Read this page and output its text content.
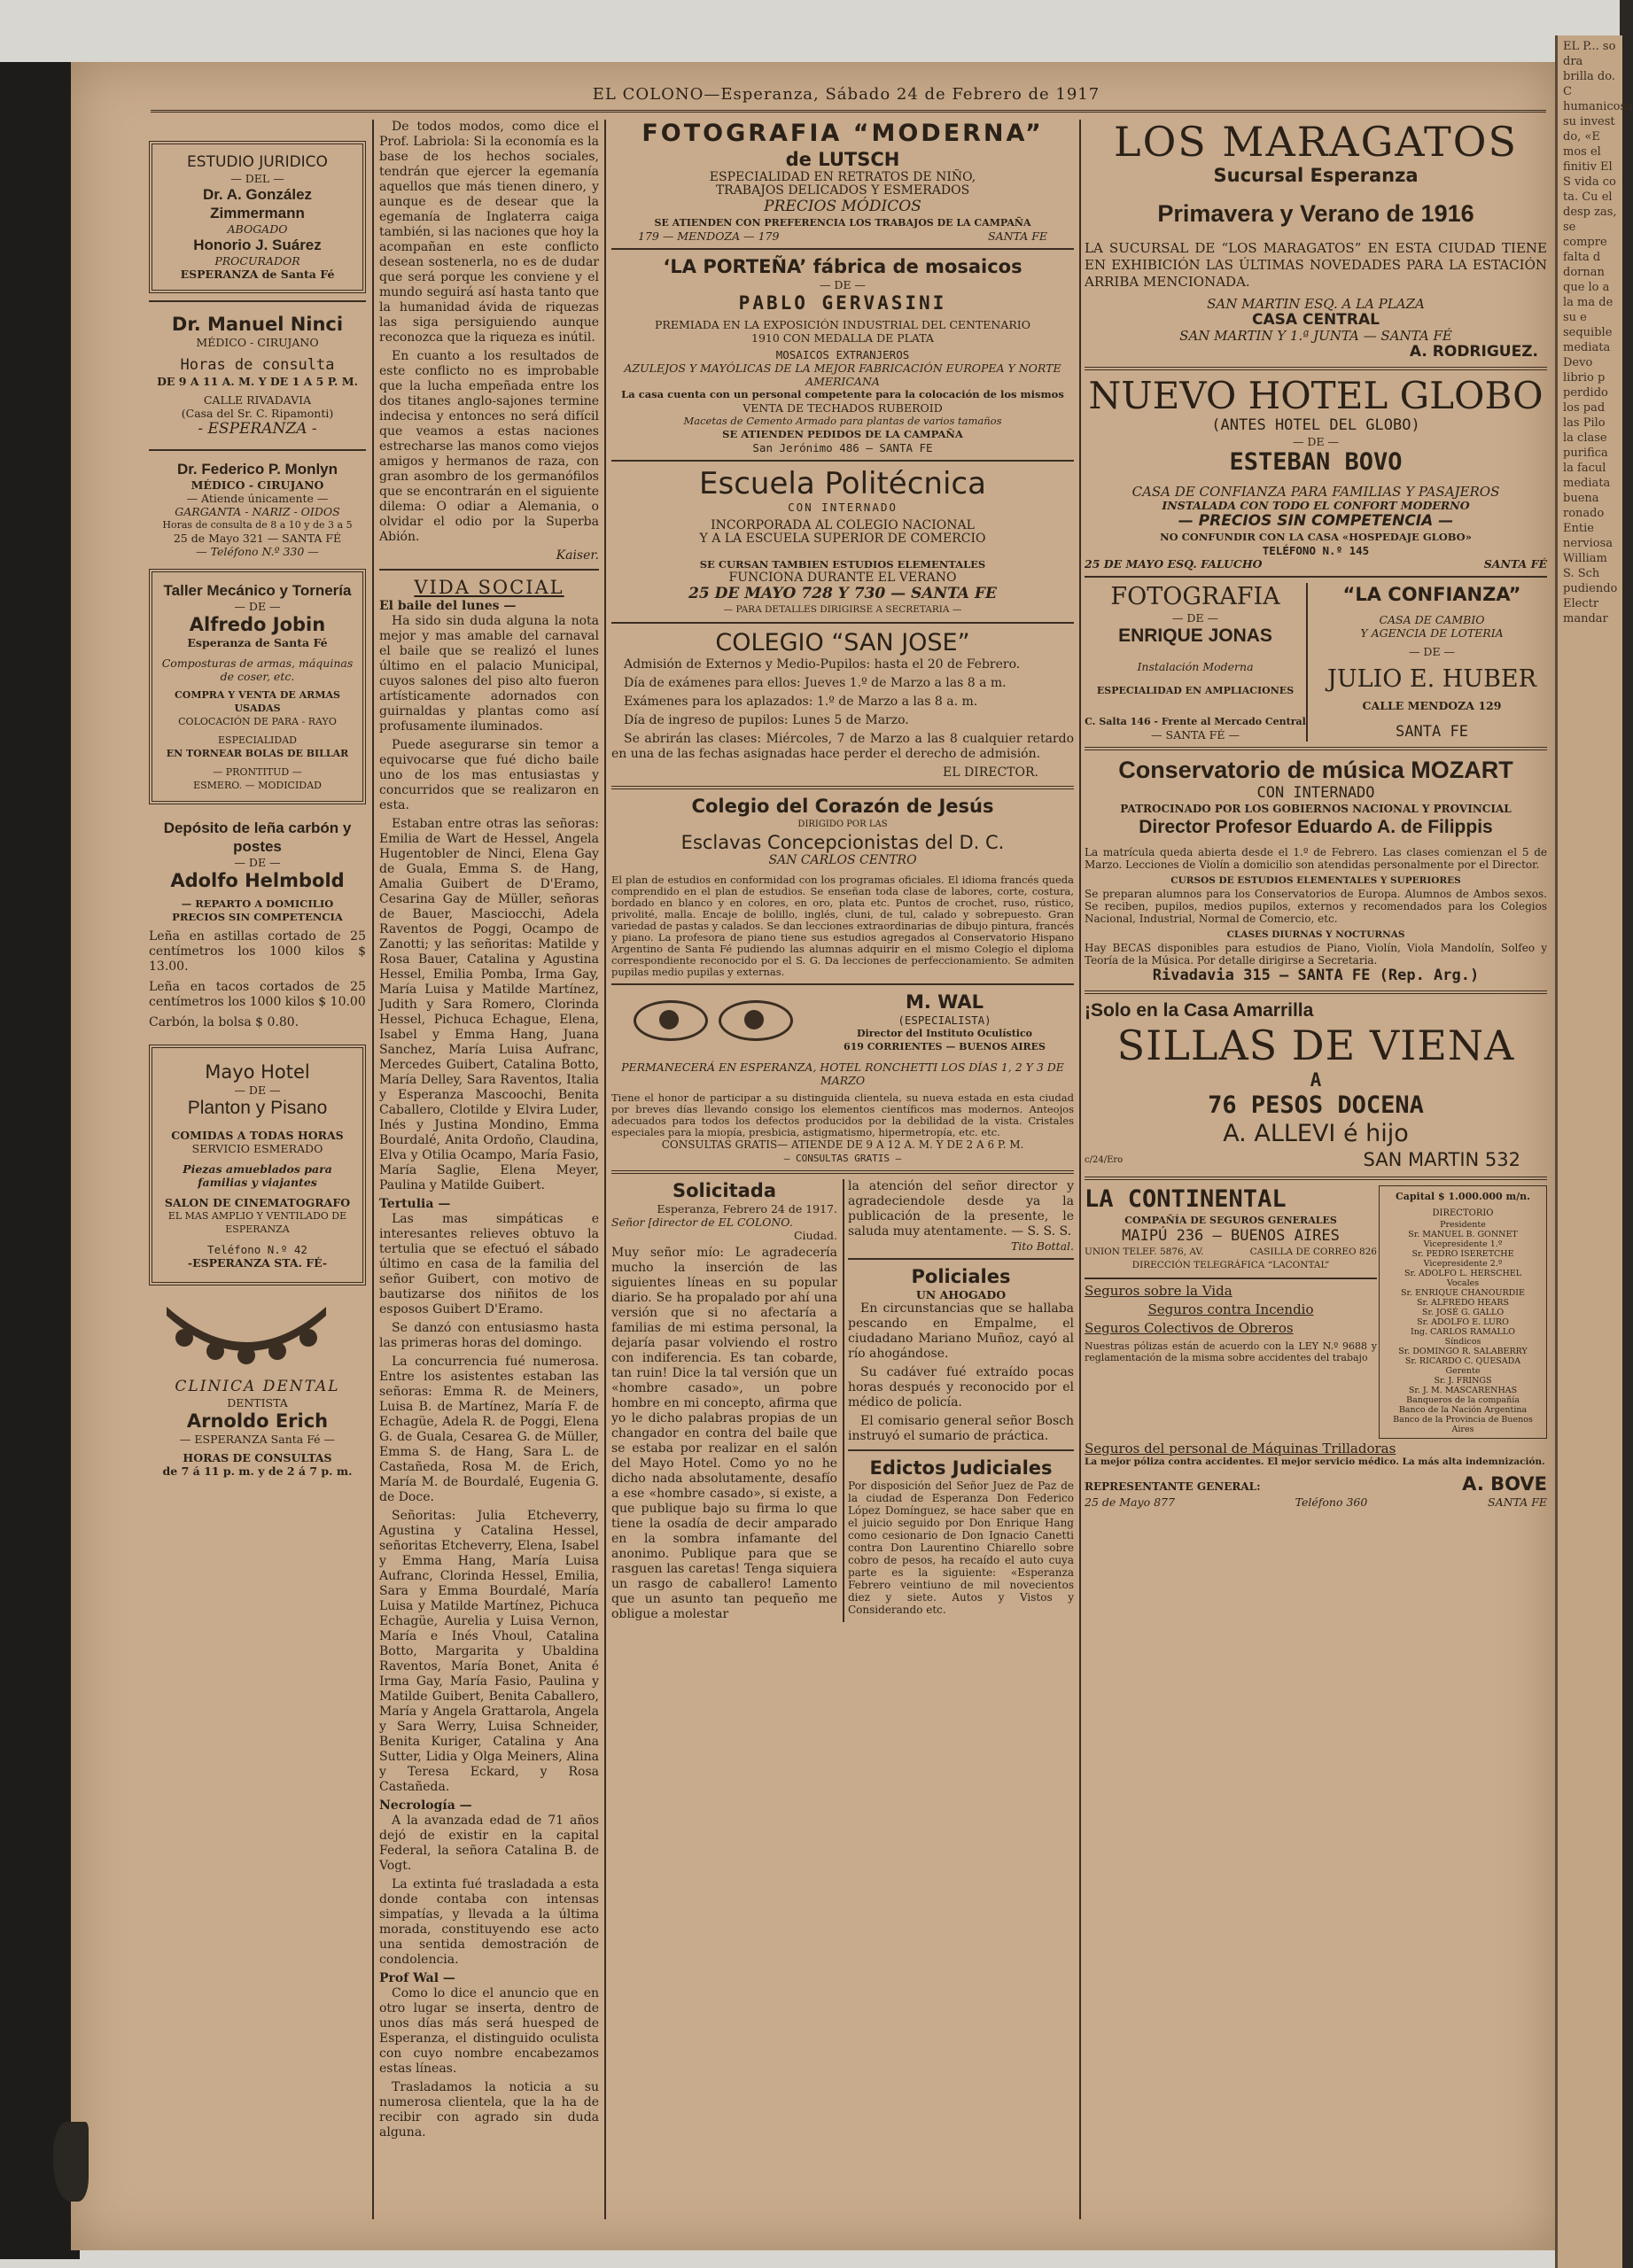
EL P... so dra brilla do. C humanicosa su invest do, «E mos el finitiv El S vida co ta. Cu el desp zas, se compre falta d dornan que lo a la ma de su e sequible mediata Devo librio p perdido los pad las Pilo la clase purifica la facul mediata buena ronado Entie nerviosa William S. Sch pudiendo Electr mandar
EL COLONO—Esperanza, Sábado 24 de Febrero de 1917
ESTUDIO JURIDICO
— DEL —
Dr. A. González Zimmermann
ABOGADO
Honorio J. Suárez
PROCURADOR
ESPERANZA de Santa Fé
Dr. Manuel Ninci
MÉDICO - CIRUJANO
Horas de consulta
DE 9 A 11 A. M. Y DE 1 A 5 P. M.
CALLE RIVADAVIA
(Casa del Sr. C. Ripamonti)
- ESPERANZA -
Dr. Federico P. Monlyn
MÉDICO - CIRUJANO
— Atiende únicamente —
GARGANTA - NARIZ - OIDOS
Horas de consulta de 8 a 10 y de 3 a 5
25 de Mayo 321 — SANTA FÉ
— Teléfono N.º 330 —
Taller Mecánico y Tornería
— DE —
Alfredo Jobin
Esperanza de Santa Fé
Composturas de armas, máquinas de coser, etc.
COMPRA Y VENTA DE ARMAS USADAS
COLOCACIÓN DE PARA - RAYO
ESPECIALIDAD
EN TORNEAR BOLAS DE BILLAR
— PRONTITUD —
ESMERO. — MODICIDAD
Depósito de leña carbón y postes
— DE —
Adolfo Helmbold
— REPARTO A DOMICILIO
PRECIOS SIN COMPETENCIA
Leña en astillas cortado de 25 centímetros los 1000 kilos $ 13.00.
Leña en tacos cortados de 25 centímetros los 1000 kilos $ 10.00
Carbón, la bolsa $ 0.80.
Mayo Hotel
— DE —
Planton y Pisano
COMIDAS A TODAS HORAS
SERVICIO ESMERADO
Piezas amueblados para familias y viajantes
SALON DE CINEMATOGRAFO
EL MAS AMPLIO Y VENTILADO DE ESPERANZA
Teléfono N.º 42
-ESPERANZA STA. FÉ-
CLINICA DENTAL
DENTISTA
Arnoldo Erich
— ESPERANZA Santa Fé —
HORAS DE CONSULTAS
de 7 á 11 p. m. y de 2 á 7 p. m.

De todos modos, como dice el Prof. Labriola: Si la economía es la base de los hechos sociales, tendrán que ejercer la egemanía aquellos que más tienen dinero, y aunque es de desear que la egemanía de Inglaterra caiga también, si las naciones que hoy la acompañan en este conflicto desean sostenerla, no es de dudar que será porque les conviene y el mundo seguirá así hasta tanto que la humanidad ávida de riquezas las siga persiguiendo aunque reconozca que la riqueza es inútil.

En cuanto a los resultados de este conflicto no es improbable que la lucha empeñada entre los dos titanes anglo-sajones termine indecisa y entonces no será difícil que veamos a estas naciones estrecharse las manos como viejos amigos y hermanos de raza, con gran asombro de los germanófilos que se encontrarán en el siguiente dilema: O odiar a Alemania, o olvidar el odio por la Superba Abión.

Kaiser.
VIDA SOCIAL
El baile del lunes —

Ha sido sin duda alguna la nota mejor y mas amable del carnaval el baile que se realizó el lunes último en el palacio Municipal, cuyos salones del piso alto fueron artísticamente adornados con guirnaldas y plantas como así profusamente iluminados.

Puede asegurarse sin temor a equivocarse que fué dicho baile uno de los mas entusiastas y concurridos que se realizaron en esta.

Estaban entre otras las señoras: Emilia de Wart de Hessel, Angela Hugentobler de Ninci, Elena Gay de Guala, Emma S. de Hang, Amalia Guibert de D'Eramo, Cesarina Gay de Müller, señoras de Bauer, Masciocchi, Adela Raventos de Poggi, Ocampo de Zanotti; y las señoritas: Matilde y Rosa Bauer, Catalina y Agustina Hessel, Emilia Pomba, Irma Gay, María Luisa y Matilde Martínez, Judith y Sara Romero, Clorinda Hessel, Pichuca Echague, Elena, Isabel y Emma Hang, Juana Sanchez, María Luisa Aufranc, Mercedes Guibert, Catalina Botto, María Delley, Sara Raventos, Italia y Esperanza Mascoochi, Benita Caballero, Clotilde y Elvira Luder, Inés y Justina Mondino, Emma Bourdalé, Anita Ordoño, Claudina, Elva y Otilia Ocampo, María Fasio, María Saglie, Elena Meyer, Paulina y Matilde Guibert.

Tertulia —

Las mas simpáticas e interesantes relieves obtuvo la tertulia que se efectuó el sábado último en casa de la familia del señor Guibert, con motivo de bautizarse dos niñitos de los esposos Guibert D'Eramo.

Se danzó con entusiasmo hasta las primeras horas del domingo.

La concurrencia fué numerosa. Entre los asistentes estaban las señoras: Emma R. de Meiners, Luisa B. de Martínez, María F. de Echagüe, Adela R. de Poggi, Elena G. de Guala, Cesarea G. de Müller, Emma S. de Hang, Sara L. de Castañeda, Rosa M. de Erich, María M. de Bourdalé, Eugenia G. de Doce.

Señoritas: Julia Etcheverry, Agustina y Catalina Hessel, señoritas Etcheverry, Elena, Isabel y Emma Hang, María Luisa Aufranc, Clorinda Hessel, Emilia, Sara y Emma Bourdalé, María Luisa y Matilde Martínez, Pichuca Echagüe, Aurelia y Luisa Vernon, María e Inés Vhoul, Catalina Botto, Margarita y Ubaldina Raventos, María Bonet, Anita é Irma Gay, María Fasio, Paulina y Matilde Guibert, Benita Caballero, María y Angela Grattarola, Angela y Sara Werry, Luisa Schneider, Benita Kuriger, Catalina y Ana Sutter, Lidia y Olga Meiners, Alina y Teresa Eckard, y Rosa Castañeda.

Necrología —

A la avanzada edad de 71 años dejó de existir en la capital Federal, la señora Catalina B. de Vogt.

La extinta fué trasladada a esta donde contaba con intensas simpatías, y llevada a la última morada, constituyendo ese acto una sentida demostración de condolencia.

Prof Wal —

Como lo dice el anuncio que en otro lugar se inserta, dentro de unos días más será huesped de Esperanza, el distinguido oculista con cuyo nombre encabezamos estas líneas.

Trasladamos la noticia a su numerosa clientela, que la ha de recibir con agrado sin duda alguna.

FOTOGRAFIA “MODERNA”
de LUTSCH
ESPECIALIDAD EN RETRATOS DE NIÑO,
TRABAJOS DELICADOS Y ESMERADOS
PRECIOS MÓDICOS
SE ATIENDEN CON PREFERENCIA LOS TRABAJOS DE LA CAMPAÑA
179 — MENDOZA — 179	SANTA FE
‘LA PORTEÑA’ fábrica de mosaicos
— DE —
PABLO GERVASINI
PREMIADA EN LA EXPOSICIÓN INDUSTRIAL DEL CENTENARIO 1910 CON MEDALLA DE PLATA
MOSAICOS EXTRANJEROS
AZULEJOS Y MAYÓLICAS DE LA MEJOR FABRICACIÓN EUROPEA Y NORTE AMERICANA
La casa cuenta con un personal competente para la colocación de los mismos
VENTA DE TECHADOS RUBEROID
Macetas de Cemento Armado para plantas de varios tamaños
SE ATIENDEN PEDIDOS DE LA CAMPAÑA
San Jerónimo 486 — SANTA FE
Escuela Politécnica
CON INTERNADO
INCORPORADA AL COLEGIO NACIONAL
Y A LA ESCUELA SUPERIOR DE COMERCIO
SE CURSAN TAMBIEN ESTUDIOS ELEMENTALES
FUNCIONA DURANTE EL VERANO
25 DE MAYO 728 Y 730 — SANTA FE
— PARA DETALLES DIRIGIRSE A SECRETARIA —
COLEGIO “SAN JOSE”

Admisión de Externos y Medio-Pupilos: hasta el 20 de Febrero.

Día de exámenes para ellos: Jueves 1.º de Marzo a las 8 a m.

Exámenes para los aplazados: 1.º de Marzo a las 8 a. m.

Día de ingreso de pupilos: Lunes 5 de Marzo.

Se abrirán las clases: Miércoles, 7 de Marzo a las 8 cualquier retardo en una de las fechas asignadas hace perder el derecho de admisión.

EL DIRECTOR.
Colegio del Corazón de Jesús
DIRIGIDO POR LAS
Esclavas Concepcionistas del D. C.
SAN CARLOS CENTRO
El plan de estudios en conformidad con los programas oficiales. El idioma francés queda comprendido en el plan de estudios. Se enseñan toda clase de labores, corte, costura, bordado en blanco y en colores, en oro, plata etc. Puntos de crochet, ruso, rústico, privolité, malla. Encaje de bolillo, inglés, cluni, de tul, calado y sobrepuesto. Gran variedad de pastas y calados. Se dan lecciones extraordinarias de dibujo pintura, francés y piano. La profesora de piano tiene sus estudios agregados al Conservatorio Hispano Argentino de Santa Fé pudiendo las alumnas adquirir en el mismo Colegio el diploma correspondiente reconocido por el S. G. Da lecciones de perfeccionamiento. Se admiten pupilas medio pupilas y externas.
M. WAL
(ESPECIALISTA)
Director del Instituto Oculístico
619 CORRIENTES — BUENOS AIRES
PERMANECERÁ EN ESPERANZA, HOTEL RONCHETTI LOS DÍAS 1, 2 Y 3 DE MARZO
Tiene el honor de participar a su distinguida clientela, su nueva estada en esta ciudad por breves días llevando consigo los elementos científicos mas modernos. Anteojos adecuados para todos los defectos producidos por la debilidad de la vista. Cristales especiales para la miopía, presbicia, astigmatismo, hipermetropía, etc. etc.
CONSULTAS GRATIS— ATIENDE DE 9 A 12 A. M. Y DE 2 A 6 P. M.
— CONSULTAS GRATIS —
Solicitada
Esperanza, Febrero 24 de 1917.
Señor [director de EL COLONO.
Ciudad.
Muy señor mío: Le agradecería mucho la inserción de las siguientes líneas en su popular diario. Se ha propalado por ahí una versión que si no afectaría a familias de mi estima personal, la dejaría pasar volviendo el rostro con indiferencia. Es tan cobarde, tan ruin! Dice la tal versión que un «hombre casado», un pobre hombre en mi concepto, afirma que yo le dicho palabras propias de un changador en contra del baile que se estaba por realizar en el salón del Mayo Hotel. Como yo no he dicho nada absolutamente, desafío a ese «hombre casado», si existe, a que publique bajo su firma lo que tiene la osadía de decir amparado en la sombra infamante del anonimo. Publique para que se rasguen las caretas! Tenga siquiera un rasgo de caballero! Lamento que un asunto tan pequeño me obligue a molestar
la atención del señor director y agradeciendole desde ya la publicación de la presente, le saluda muy atentamente. — S. S. S.
Tito Bottal.
Policiales
UN AHOGADO

En circunstancias que se hallaba pescando en Empalme, el ciudadano Mariano Muñoz, cayó al río ahogándose.

Su cadáver fué extraído pocas horas después y reconocido por el médico de policía.

El comisario general señor Bosch instruyó el sumario de práctica.

Edictos Judiciales
Por disposición del Señor Juez de Paz de la ciudad de Esperanza Don Federico López Domínguez, se hace saber que en el juicio seguido por Don Enrique Hang como cesionario de Don Ignacio Canetti contra Don Laurentino Chiarello sobre cobro de pesos, ha recaído el auto cuya parte es la siguiente: «Esperanza Febrero veintiuno de mil novecientos diez y siete. Autos y Vistos y Considerando etc.
LOS MARAGATOS
Sucursal Esperanza
Primavera y Verano de 1916
LA SUCURSAL DE “LOS MARAGATOS” EN ESTA CIUDAD TIENE EN EXHIBICIÓN LAS ÚLTIMAS NOVEDADES PARA LA ESTACIÓN ARRIBA MENCIONADA.
SAN MARTIN ESQ. A LA PLAZA
CASA CENTRAL
SAN MARTIN Y 1.ª JUNTA — SANTA FÉ
A. RODRIGUEZ.
NUEVO HOTEL GLOBO
(ANTES HOTEL DEL GLOBO)
— DE —
ESTEBAN BOVO
CASA DE CONFIANZA PARA FAMILIAS Y PASAJEROS
INSTALADA CON TODO EL CONFORT MODERNO
— PRECIOS SIN COMPETENCIA —
NO CONFUNDIR CON LA CASA «HOSPEDAJE GLOBO»
TELÉFONO N.º 145
25 DE MAYO ESQ. FALUCHO	SANTA FÉ
FOTOGRAFIA
— DE —
ENRIQUE JONAS
Instalación Moderna
ESPECIALIDAD EN AMPLIACIONES
C. Salta 146 - Frente al Mercado Central
— SANTA FÉ —
“LA CONFIANZA”
CASA DE CAMBIO
Y AGENCIA DE LOTERIA
— DE —
JULIO E. HUBER
CALLE MENDOZA 129
SANTA FE
Conservatorio de música MOZART
CON INTERNADO
PATROCINADO POR LOS GOBIERNOS NACIONAL Y PROVINCIAL
Director Profesor Eduardo A. de Filippis
La matrícula queda abierta desde el 1.º de Febrero. Las clases comienzan el 5 de Marzo. Lecciones de Violín a domicilio son atendidas personalmente por el Director.
CURSOS DE ESTUDIOS ELEMENTALES Y SUPERIORES
Se preparan alumnos para los Conservatorios de Europa. Alumnos de Ambos sexos. Se reciben, pupilos, medios pupilos, externos y recomendados para los Colegios Nacional, Industrial, Normal de Comercio, etc.
CLASES DIURNAS Y NOCTURNAS
Hay BECAS disponibles para estudios de Piano, Violín, Viola Mandolín, Solfeo y Teoría de la Música. Por detalle dirigirse a Secretaria.
Rivadavia 315 — SANTA FE (Rep. Arg.)
¡Solo en la Casa Amarrilla
SILLAS DE VIENA
A
76 PESOS DOCENA
A. ALLEVI é hijo
c/24/Ero	SAN MARTIN 532
LA CONTINENTAL
COMPAÑÍA DE SEGUROS GENERALES
MAIPÚ 236 — BUENOS AIRES
UNION TELEF. 5876, AV.	CASILLA DE CORREO 826
DIRECCIÓN TELEGRÁFICA “LACONTAL”
Seguros sobre la Vida
Seguros contra Incendio
Seguros Colectivos de Obreros
Nuestras pólizas están de acuerdo con la LEY N.º 9688 y reglamentación de la misma sobre accidentes del trabajo
Capital $ 1.000.000 m/n.
DIRECTORIO
Presidente
Sr. MANUEL B. GONNET
Vicepresidente 1.º
Sr. PEDRO ISERETCHE
Vicepresidente 2.º
Sr. ADOLFO L. HERSCHEL
Vocales
Sr. ENRIQUE CHANOURDIE
Sr. ALFREDO HEARS
Sr. JOSÉ G. GALLO
Sr. ADOLFO E. LURO
Ing. CARLOS RAMALLO
Síndicos
Sr. DOMINGO R. SALABERRY
Sr. RICARDO C. QUESADA
Gerente
Sr. J. FRINGS
Sr. J. M. MASCARENHAS
Banqueros de la compañía
Banco de la Nación Argentina
Banco de la Provincia de Buenos Aires
Seguros del personal de Máquinas Trilladoras
La mejor póliza contra accidentes. El mejor servicio médico. La más alta indemnización.
REPRESENTANTE GENERAL:	A. BOVE
25 de Mayo 877	Teléfono 360	SANTA FE
